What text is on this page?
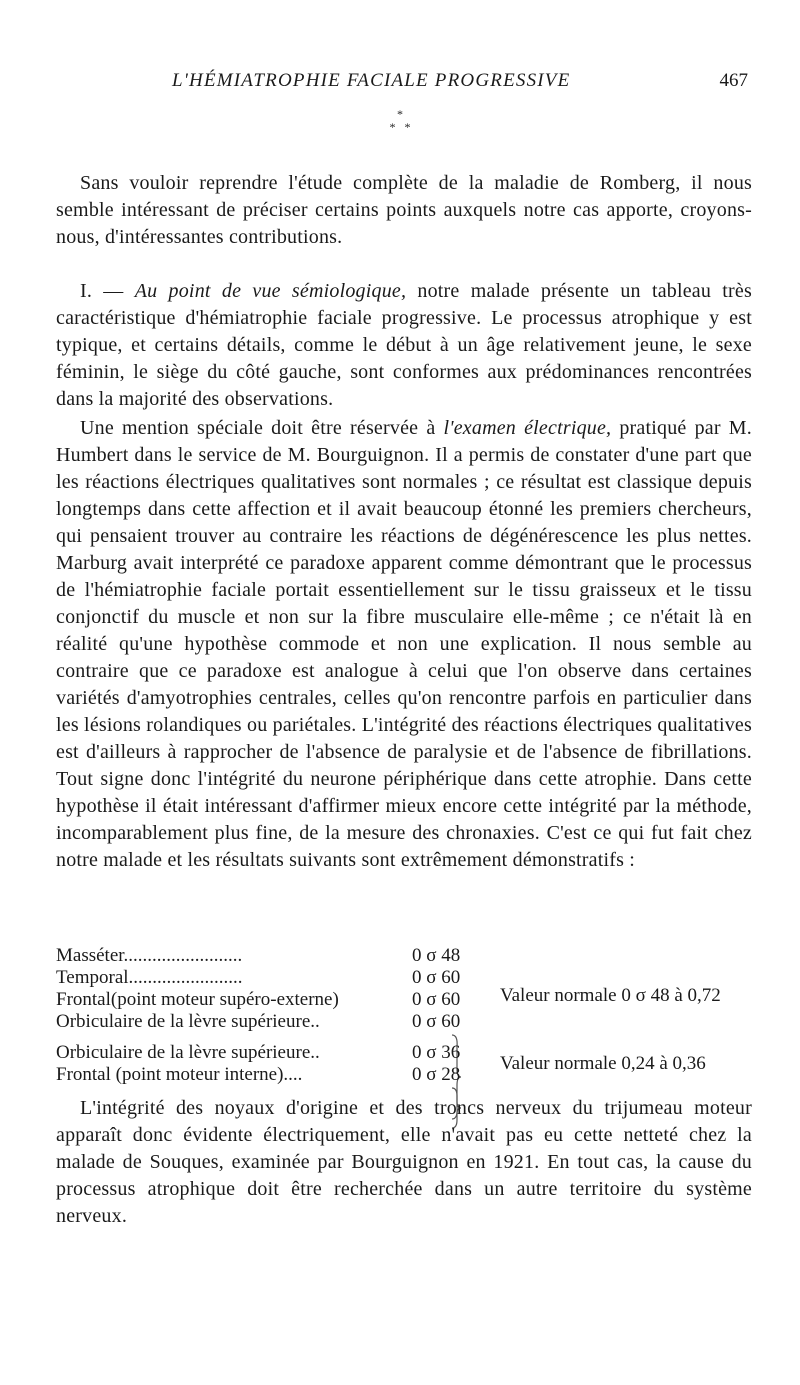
L'HÉMIATROPHIE FACIALE PROGRESSIVE	467
*
*   *

Sans vouloir reprendre l'étude complète de la maladie de Romberg, il nous semble intéressant de préciser certains points auxquels notre cas apporte, croyons-nous, d'intéressantes contributions.

I. — Au point de vue sémiologique, notre malade présente un tableau très caractéristique d'hémiatrophie faciale progressive. Le processus atrophique y est typique, et certains détails, comme le début à un âge relativement jeune, le sexe féminin, le siège du côté gauche, sont conformes aux prédominances rencontrées dans la majorité des observations.

Une mention spéciale doit être réservée à l'examen électrique, pratiqué par M. Humbert dans le service de M. Bourguignon. Il a permis de constater d'une part que les réactions électriques qualitatives sont normales ; ce résultat est classique depuis longtemps dans cette affection et il avait beaucoup étonné les premiers chercheurs, qui pensaient trouver au contraire les réactions de dégénérescence les plus nettes. Marburg avait interprété ce paradoxe apparent comme démontrant que le processus de l'hémiatrophie faciale portait essentiellement sur le tissu graisseux et le tissu conjonctif du muscle et non sur la fibre musculaire elle-même ; ce n'était là en réalité qu'une hypothèse commode et non une explication. Il nous semble au contraire que ce paradoxe est analogue à celui que l'on observe dans certaines variétés d'amyotrophies centrales, celles qu'on rencontre parfois en particulier dans les lésions rolandiques ou pariétales. L'intégrité des réactions électriques qualitatives est d'ailleurs à rapprocher de l'absence de paralysie et de l'absence de fibrillations. Tout signe donc l'intégrité du neurone périphérique dans cette atrophie. Dans cette hypothèse il était intéressant d'affirmer mieux encore cette intégrité par la méthode, incomparablement plus fine, de la mesure des chronaxies. C'est ce qui fut fait chez notre malade et les résultats suivants sont extrêmement démonstratifs :

Masséter.........................	0 σ 48
Temporal........................	0 σ 60
Frontal(point moteur supéro-externe)	0 σ 60
Orbiculaire de la lèvre supérieure..	0 σ 60
Valeur normale 0 σ 48 à 0,72
Orbiculaire de la lèvre supérieure..	0 σ 36
Frontal (point moteur interne)....	0 σ 28
Valeur normale 0,24 à 0,36

L'intégrité des noyaux d'origine et des troncs nerveux du trijumeau moteur apparaît donc évidente électriquement, elle n'avait pas eu cette netteté chez la malade de Souques, examinée par Bourguignon en 1921. En tout cas, la cause du processus atrophique doit être recherchée dans un autre territoire du système nerveux.
